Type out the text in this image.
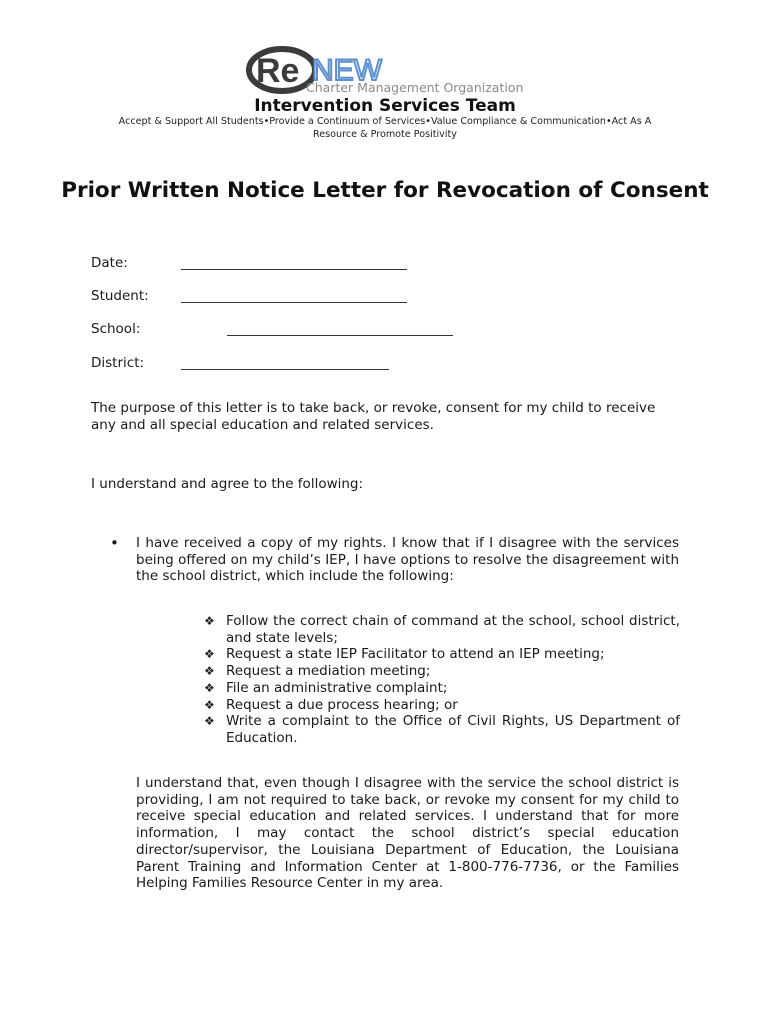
Re NEW
Charter Management Organization
Intervention Services Team
Accept & Support All Students•Provide a Continuum of Services•Value Compliance & Communication•Act As A Resource & Promote Positivity
Prior Written Notice Letter for Revocation of Consent
Date:
Student:
School:
District:
The purpose of this letter is to take back, or revoke, consent for my child to receive any and all special education and related services.
I understand and agree to the following:
• I have received a copy of my rights. I know that if I disagree with the services being offered on my child’s IEP, I have options to resolve the disagreement with the school district, which include the following:
❖ Follow the correct chain of command at the school, school district, and state levels;
❖ Request a state IEP Facilitator to attend an IEP meeting;
❖ Request a mediation meeting;
❖ File an administrative complaint;
❖ Request a due process hearing; or
❖ Write a complaint to the Office of Civil Rights, US Department of Education.
I understand that, even though I disagree with the service the school district is providing, I am not required to take back, or revoke my consent for my child to receive special education and related services. I understand that for more information, I may contact the school district’s special education director/supervisor, the Louisiana Department of Education, the Louisiana Parent Training and Information Center at 1-800-776-7736, or the Families Helping Families Resource Center in my area.
